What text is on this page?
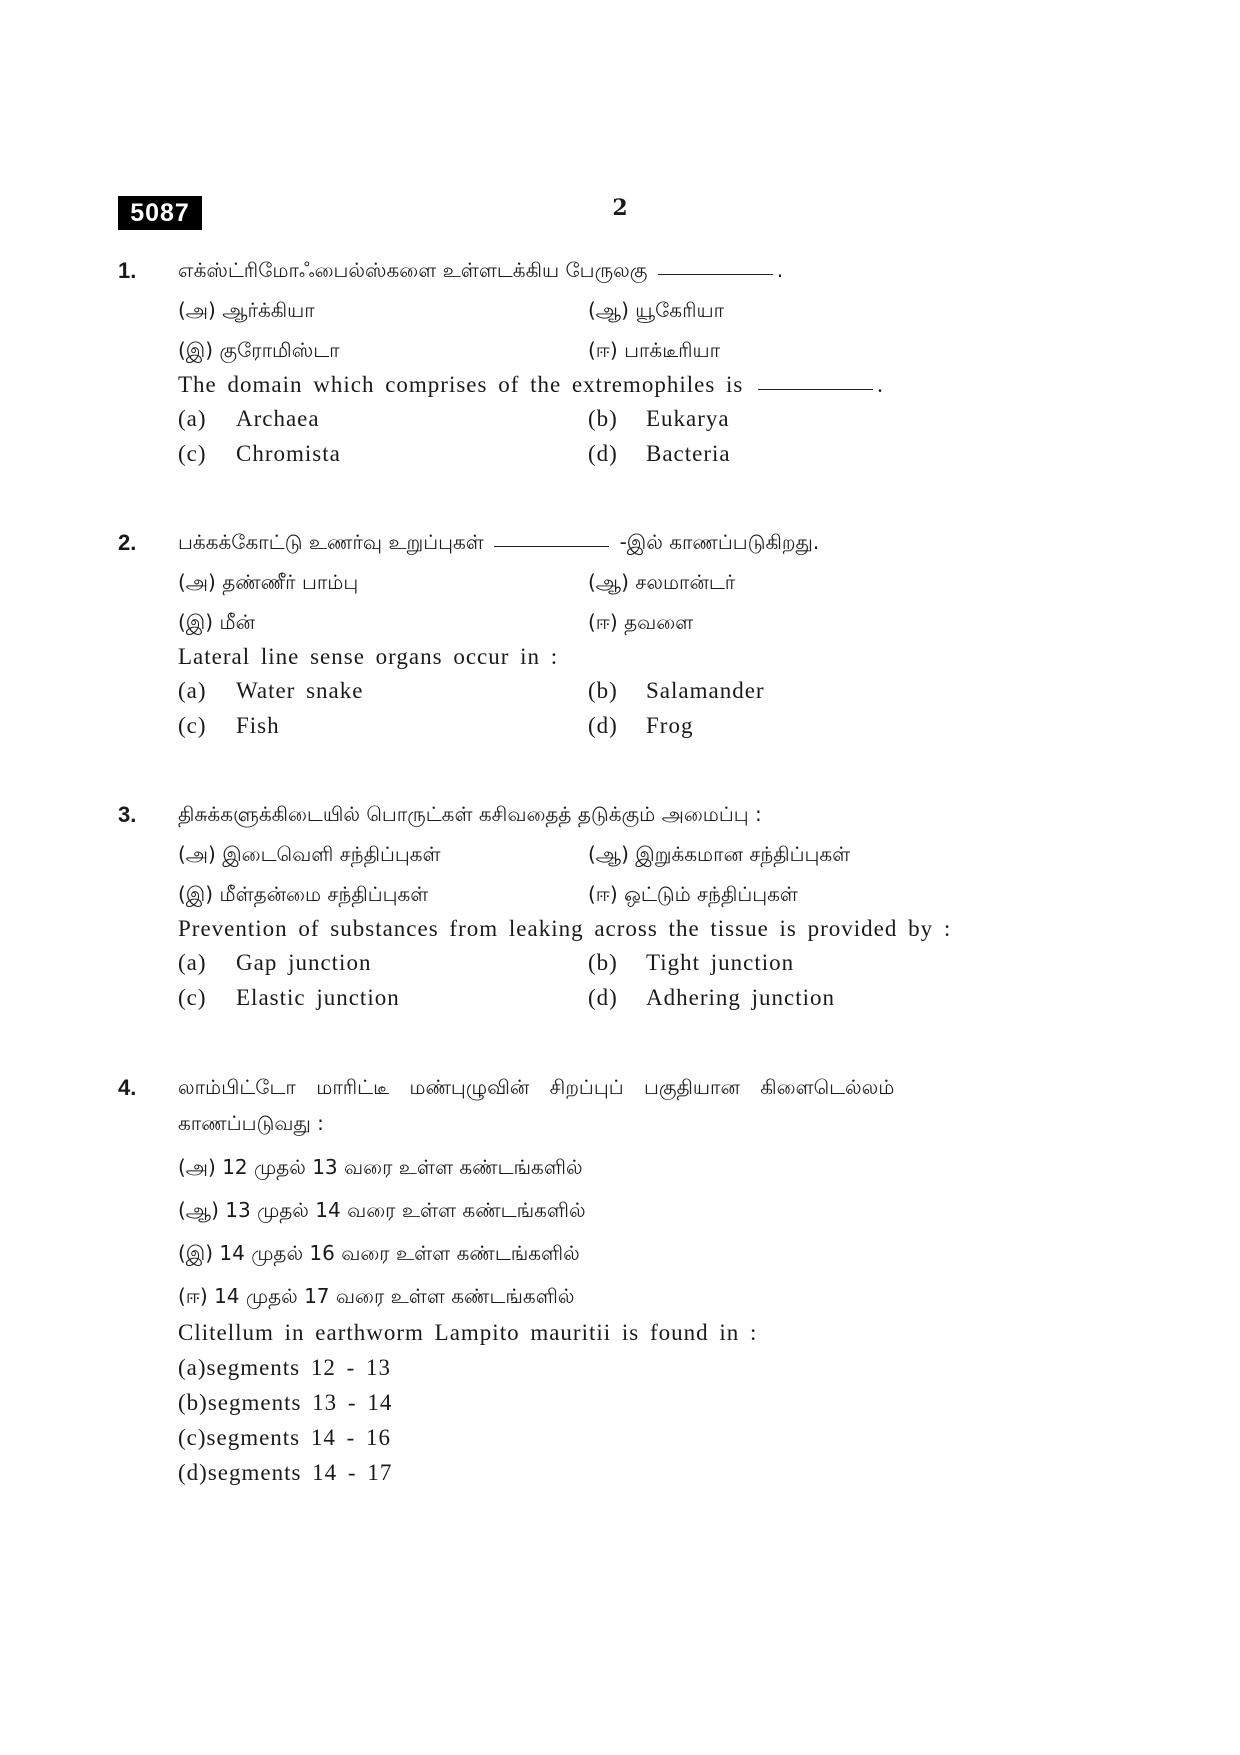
5087	2
1. எக்ஸ்ட்ரிமோஃபைல்ஸ்களை உள்ளடக்கிய பேருலகு	.
(அ) ஆர்க்கியா	(ஆ) யூகேரியா
(இ) குரோமிஸ்டா	(ஈ) பாக்டீரியா
The domain which comprises of the extremophiles is	.
(a) Archaea	(b) Eukarya
(c) Chromista	(d) Bacteria
2. பக்கக்கோட்டு உணர்வு உறுப்புகள்	-இல் காணப்படுகிறது.
(அ) தண்ணீர் பாம்பு	(ஆ) சலமான்டர்
(இ) மீன்	(ஈ) தவளை
Lateral line sense organs occur in :
(a) Water snake	(b) Salamander
(c) Fish	(d) Frog
3. திசுக்களுக்கிடையில் பொருட்கள் கசிவதைத் தடுக்கும் அமைப்பு :
(அ) இடைவெளி சந்திப்புகள்	(ஆ) இறுக்கமான சந்திப்புகள்
(இ) மீள்தன்மை சந்திப்புகள்	(ஈ) ஒட்டும் சந்திப்புகள்
Prevention of substances from leaking across the tissue is provided by :
(a) Gap junction	(b) Tight junction
(c) Elastic junction	(d) Adhering junction
4. லாம்பிட்டோ மாரிட்டீ மண்புழுவின் சிறப்புப் பகுதியான கிளைடெல்லம்
காணப்படுவது :
(அ) 12 முதல் 13 வரை உள்ள கண்டங்களில்
(ஆ) 13 முதல் 14 வரை உள்ள கண்டங்களில்
(இ) 14 முதல் 16 வரை உள்ள கண்டங்களில்
(ஈ) 14 முதல் 17 வரை உள்ள கண்டங்களில்
Clitellum in earthworm Lampito mauritii is found in :
(a)segments 12 - 13
(b)segments 13 - 14
(c)segments 14 - 16
(d)segments 14 - 17
